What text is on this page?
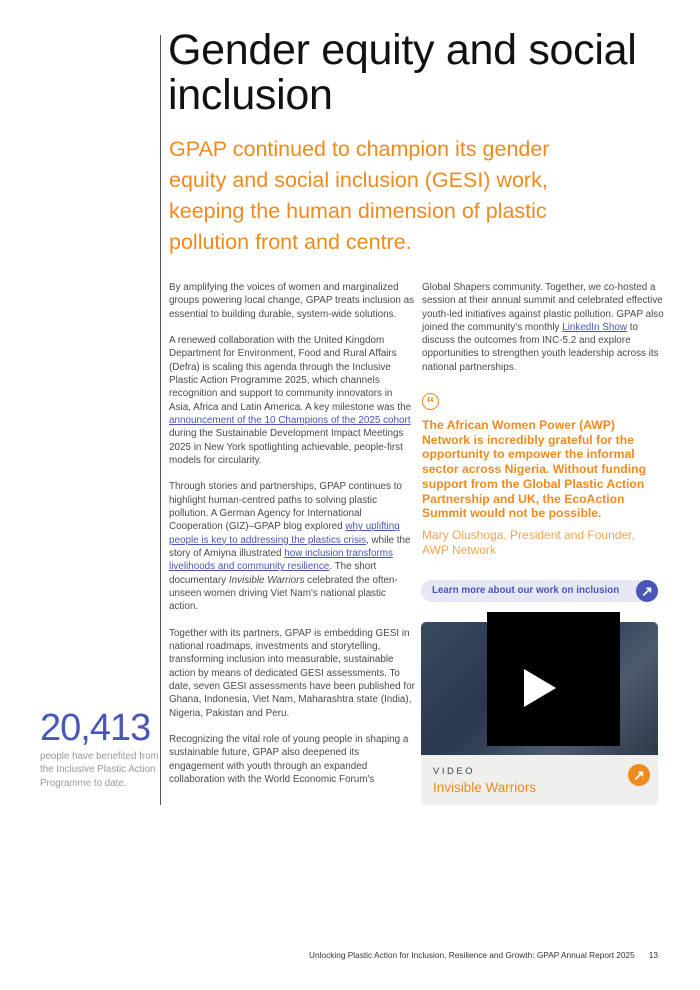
Gender equity and social inclusion
GPAP continued to champion its gender equity and social inclusion (GESI) work, keeping the human dimension of plastic pollution front and centre.

By amplifying the voices of women and marginalized groups powering local change, GPAP treats inclusion as essential to building durable, system-wide solutions.

A renewed collaboration with the United Kingdom Department for Environment, Food and Rural Affairs (Defra) is scaling this agenda through the Inclusive Plastic Action Programme 2025, which channels recognition and support to community innovators in Asia, Africa and Latin America. A key milestone was the announcement of the 10 Champions of the 2025 cohort during the Sustainable Development Impact Meetings 2025 in New York spotlighting achievable, people-first models for circularity.

Through stories and partnerships, GPAP continues to highlight human-centred paths to solving plastic pollution. A German Agency for International Cooperation (GIZ)–GPAP blog explored why uplifting people is key to addressing the plastics crisis, while the story of Amiyna illustrated how inclusion transforms livelihoods and community resilience. The short documentary Invisible Warriors celebrated the often-unseen women driving Viet Nam's national plastic action.

Together with its partners, GPAP is embedding GESI in national roadmaps, investments and storytelling, transforming inclusion into measurable, sustainable action by means of dedicated GESI assessments. To date, seven GESI assessments have been published for Ghana, Indonesia, Viet Nam, Maharashtra state (India), Nigeria, Pakistan and Peru.

Recognizing the vital role of young people in shaping a sustainable future, GPAP also deepened its engagement with youth through an expanded collaboration with the World Economic Forum's

Global Shapers community. Together, we co-hosted a session at their annual summit and celebrated effective youth-led initiatives against plastic pollution. GPAP also joined the community's monthly LinkedIn Show to discuss the outcomes from INC-5.2 and explore opportunities to strengthen youth leadership across its national partnerships.

20,413
people have benefited from the Inclusive Plastic Action Programme to date.
“
The African Women Power (AWP) Network is incredibly grateful for the opportunity to empower the informal sector across Nigeria. Without funding support from the Global Plastic Action Partnership and UK, the EcoAction Summit would not be possible.
Mary Olushoga, President and Founder, AWP Network
Learn more about our work on inclusion	↗
VIDEO
Invisible Warriors
↗
Unlocking Plastic Action for Inclusion, Resilience and Growth: GPAP Annual Report 2025 13
